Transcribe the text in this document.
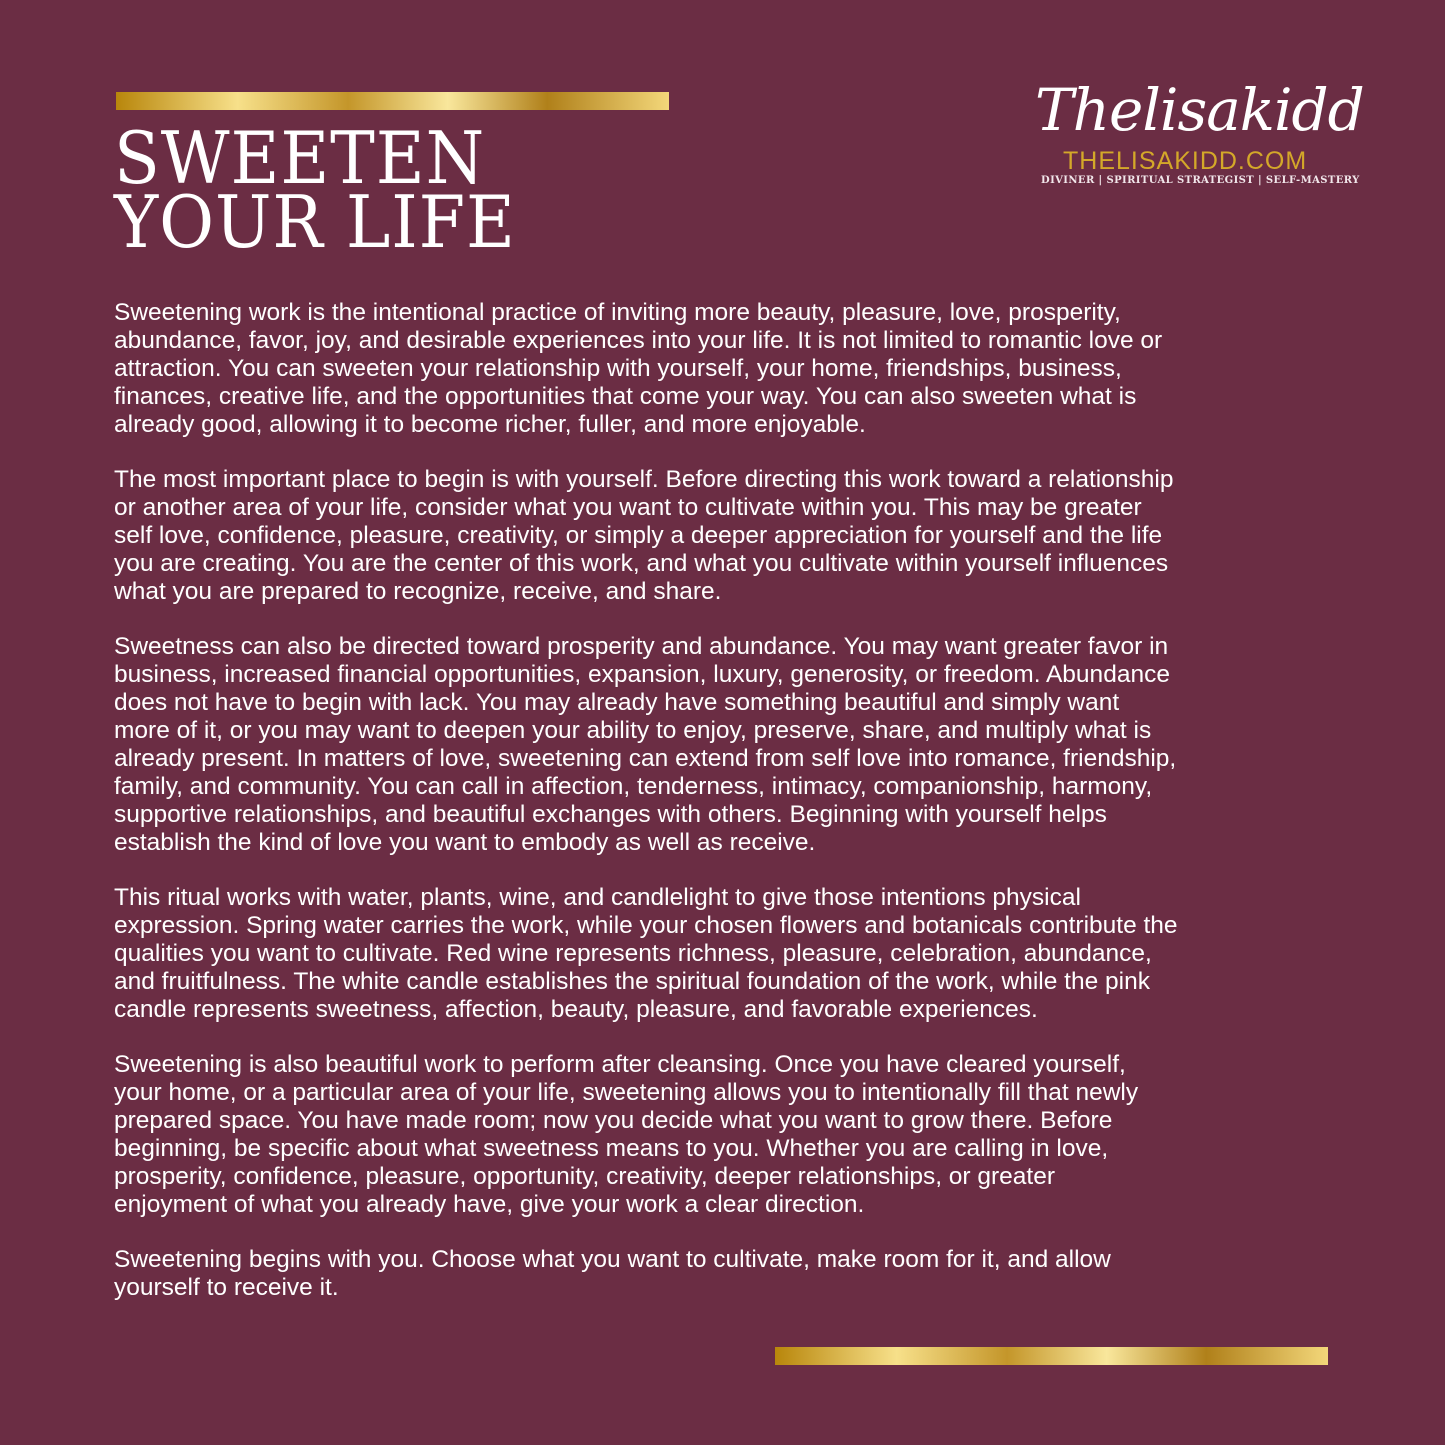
SWEETEN
YOUR LIFE
Thelisakidd
THELISAKIDD.COM
DIVINER | SPIRITUAL STRATEGIST | SELF-MASTERY

Sweetening work is the intentional practice of inviting more beauty, pleasure, love, prosperity,
abundance, favor, joy, and desirable experiences into your life. It is not limited to romantic love or
attraction. You can sweeten your relationship with yourself, your home, friendships, business,
finances, creative life, and the opportunities that come your way. You can also sweeten what is
already good, allowing it to become richer, fuller, and more enjoyable.

The most important place to begin is with yourself. Before directing this work toward a relationship
or another area of your life, consider what you want to cultivate within you. This may be greater
self love, confidence, pleasure, creativity, or simply a deeper appreciation for yourself and the life
you are creating. You are the center of this work, and what you cultivate within yourself influences
what you are prepared to recognize, receive, and share.

Sweetness can also be directed toward prosperity and abundance. You may want greater favor in
business, increased financial opportunities, expansion, luxury, generosity, or freedom. Abundance
does not have to begin with lack. You may already have something beautiful and simply want
more of it, or you may want to deepen your ability to enjoy, preserve, share, and multiply what is
already present. In matters of love, sweetening can extend from self love into romance, friendship,
family, and community. You can call in affection, tenderness, intimacy, companionship, harmony,
supportive relationships, and beautiful exchanges with others. Beginning with yourself helps
establish the kind of love you want to embody as well as receive.

This ritual works with water, plants, wine, and candlelight to give those intentions physical
expression. Spring water carries the work, while your chosen flowers and botanicals contribute the
qualities you want to cultivate. Red wine represents richness, pleasure, celebration, abundance,
and fruitfulness. The white candle establishes the spiritual foundation of the work, while the pink
candle represents sweetness, affection, beauty, pleasure, and favorable experiences.

Sweetening is also beautiful work to perform after cleansing. Once you have cleared yourself,
your home, or a particular area of your life, sweetening allows you to intentionally fill that newly
prepared space. You have made room; now you decide what you want to grow there. Before
beginning, be specific about what sweetness means to you. Whether you are calling in love,
prosperity, confidence, pleasure, opportunity, creativity, deeper relationships, or greater
enjoyment of what you already have, give your work a clear direction.

Sweetening begins with you. Choose what you want to cultivate, make room for it, and allow
yourself to receive it.
